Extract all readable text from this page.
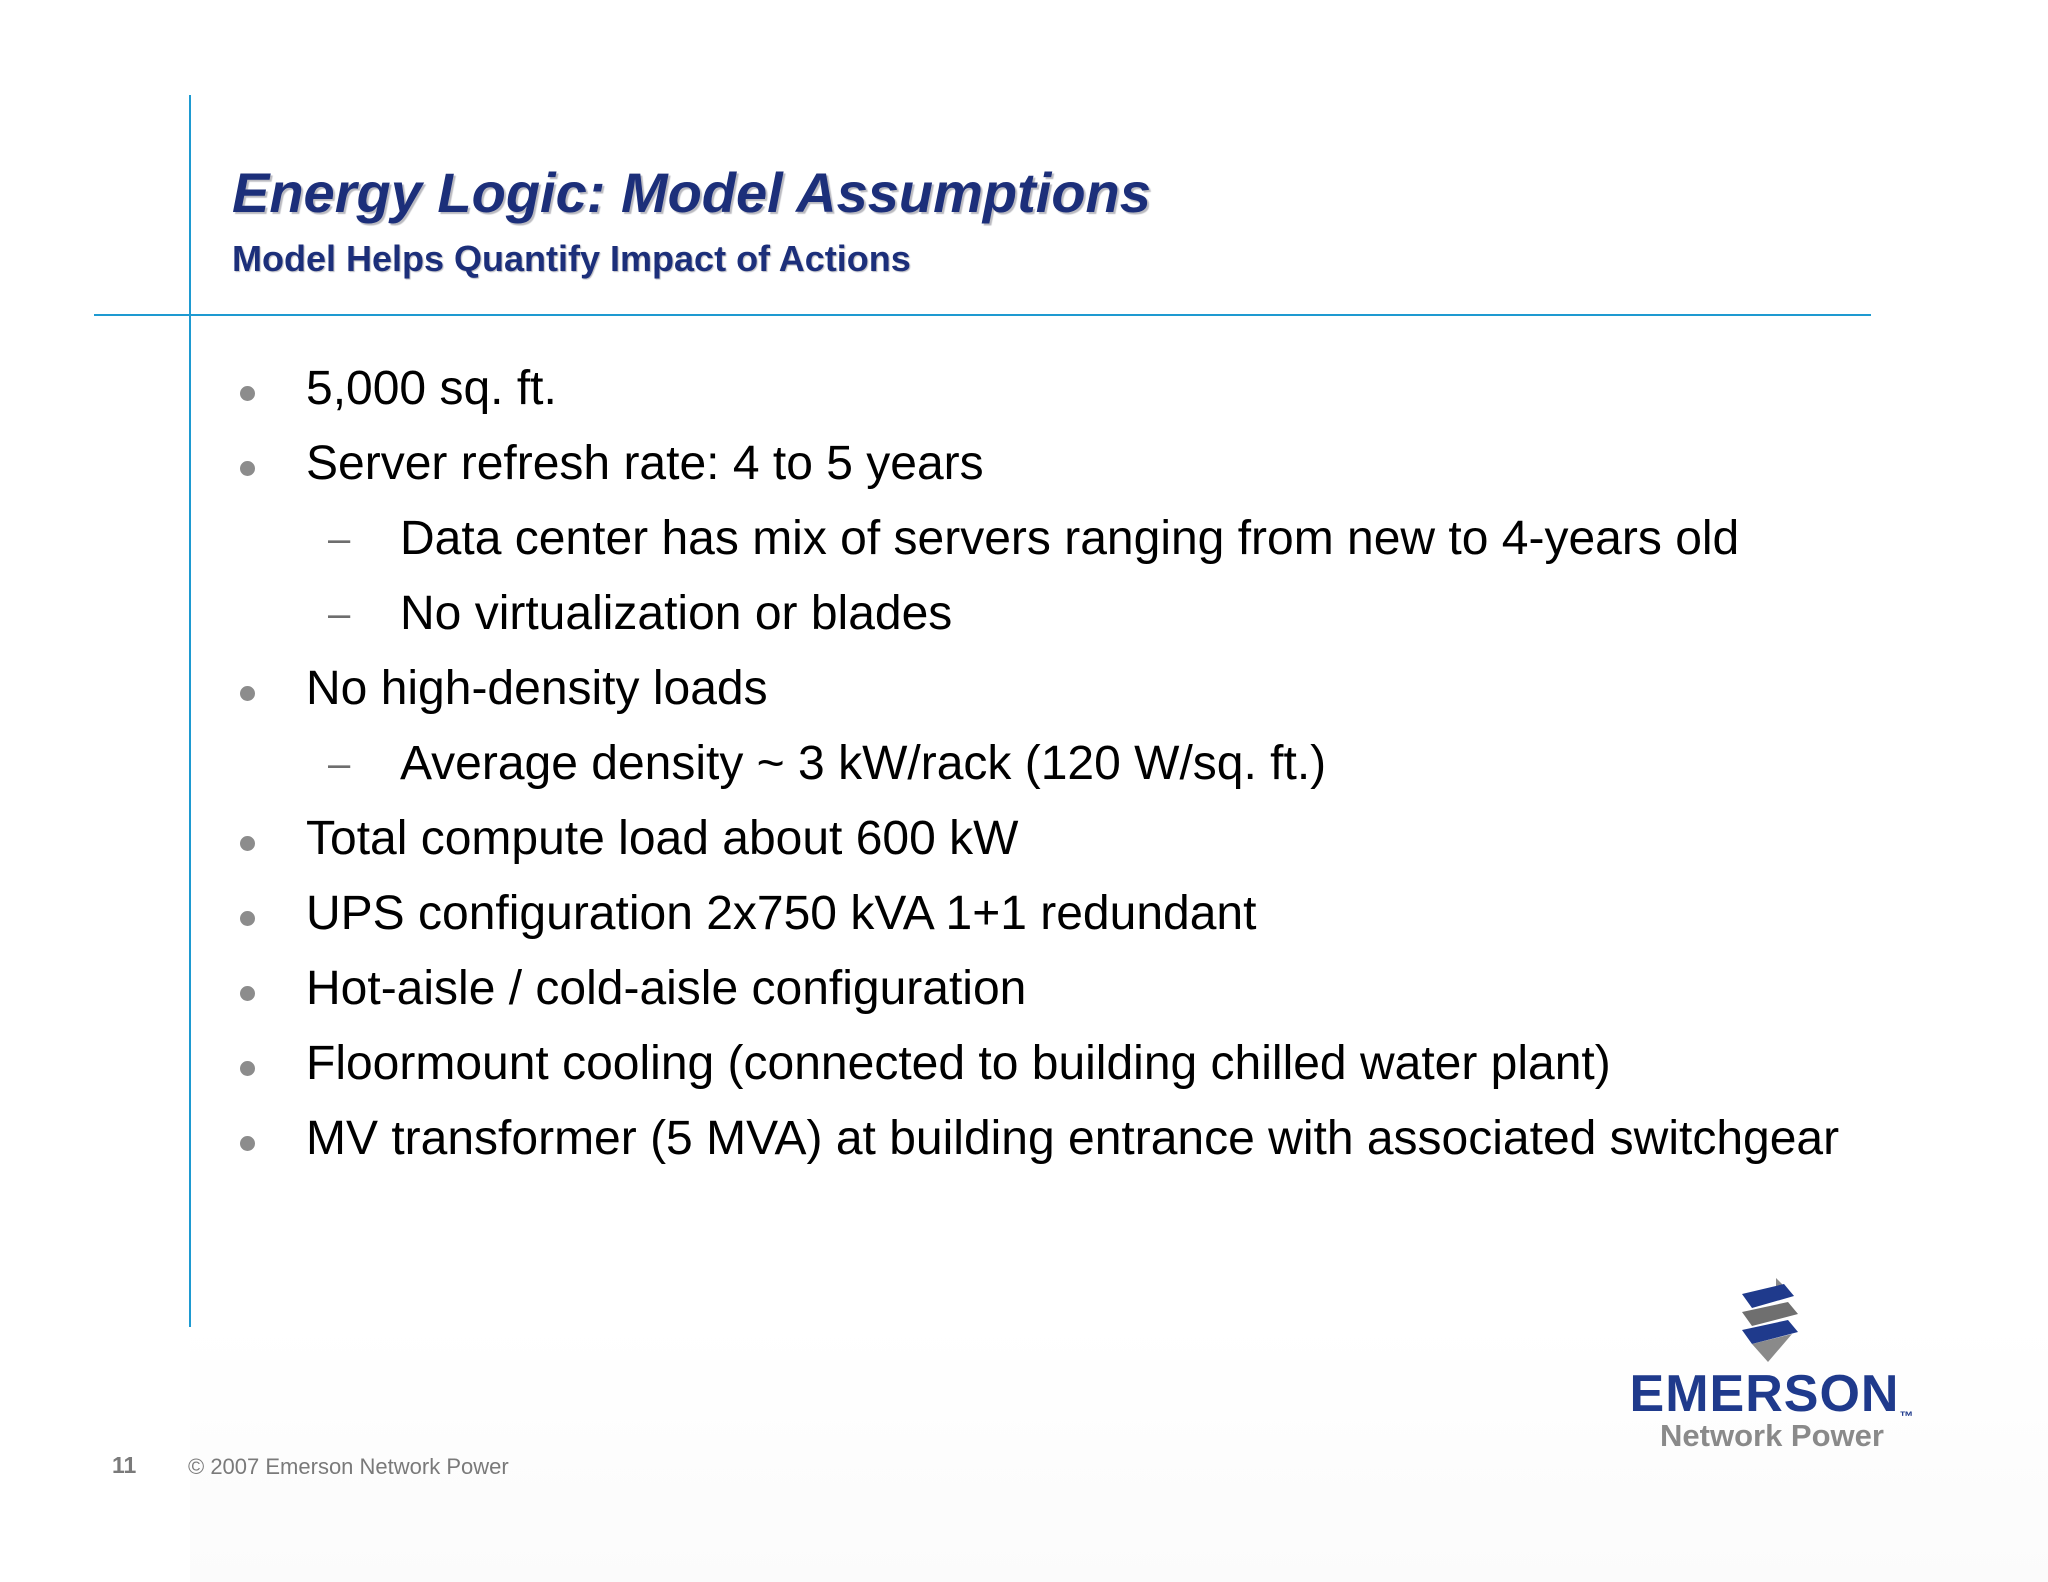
Energy Logic: Model Assumptions
Model Helps Quantify Impact of Actions
5,000 sq. ft.
Server refresh rate: 4 to 5 years
– Data center has mix of servers ranging from new to 4-years old
– No virtualization or blades
No high-density loads
– Average density ~ 3 kW/rack (120 W/sq. ft.)
Total compute load about 600 kW
UPS configuration 2x750 kVA 1+1 redundant
Hot-aisle / cold-aisle configuration
Floormount cooling (connected to building chilled water plant)
MV transformer (5 MVA) at building entrance with associated switchgear
11 © 2007 Emerson Network Power
EMERSON™
Network Power
